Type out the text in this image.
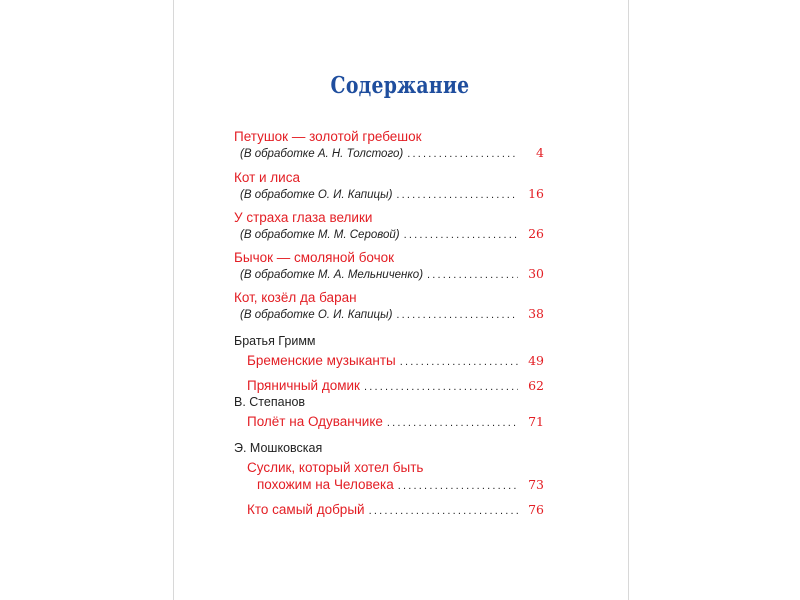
Содержание
Петушок — золотой гребешок
(В обработке А. Н. Толстого) .....	4
Кот и лиса
(В обработке О. И. Капицы) .....	16
У страха глаза велики
(В обработке М. М. Серовой) .....	26
Бычок — смоляной бочок
(В обработке М. А. Мельниченко) .....	30
Кот, козёл да баран
(В обработке О. И. Капицы) .....	38
Братья Гримм
Бременские музыканты .....	49
Пряничный домик .....	62
В. Степанов
Полёт на Одуванчике .....	71
Э. Мошковская
Суслик, который хотел быть
похожим на Человека .....	73
Кто самый добрый .....	76
